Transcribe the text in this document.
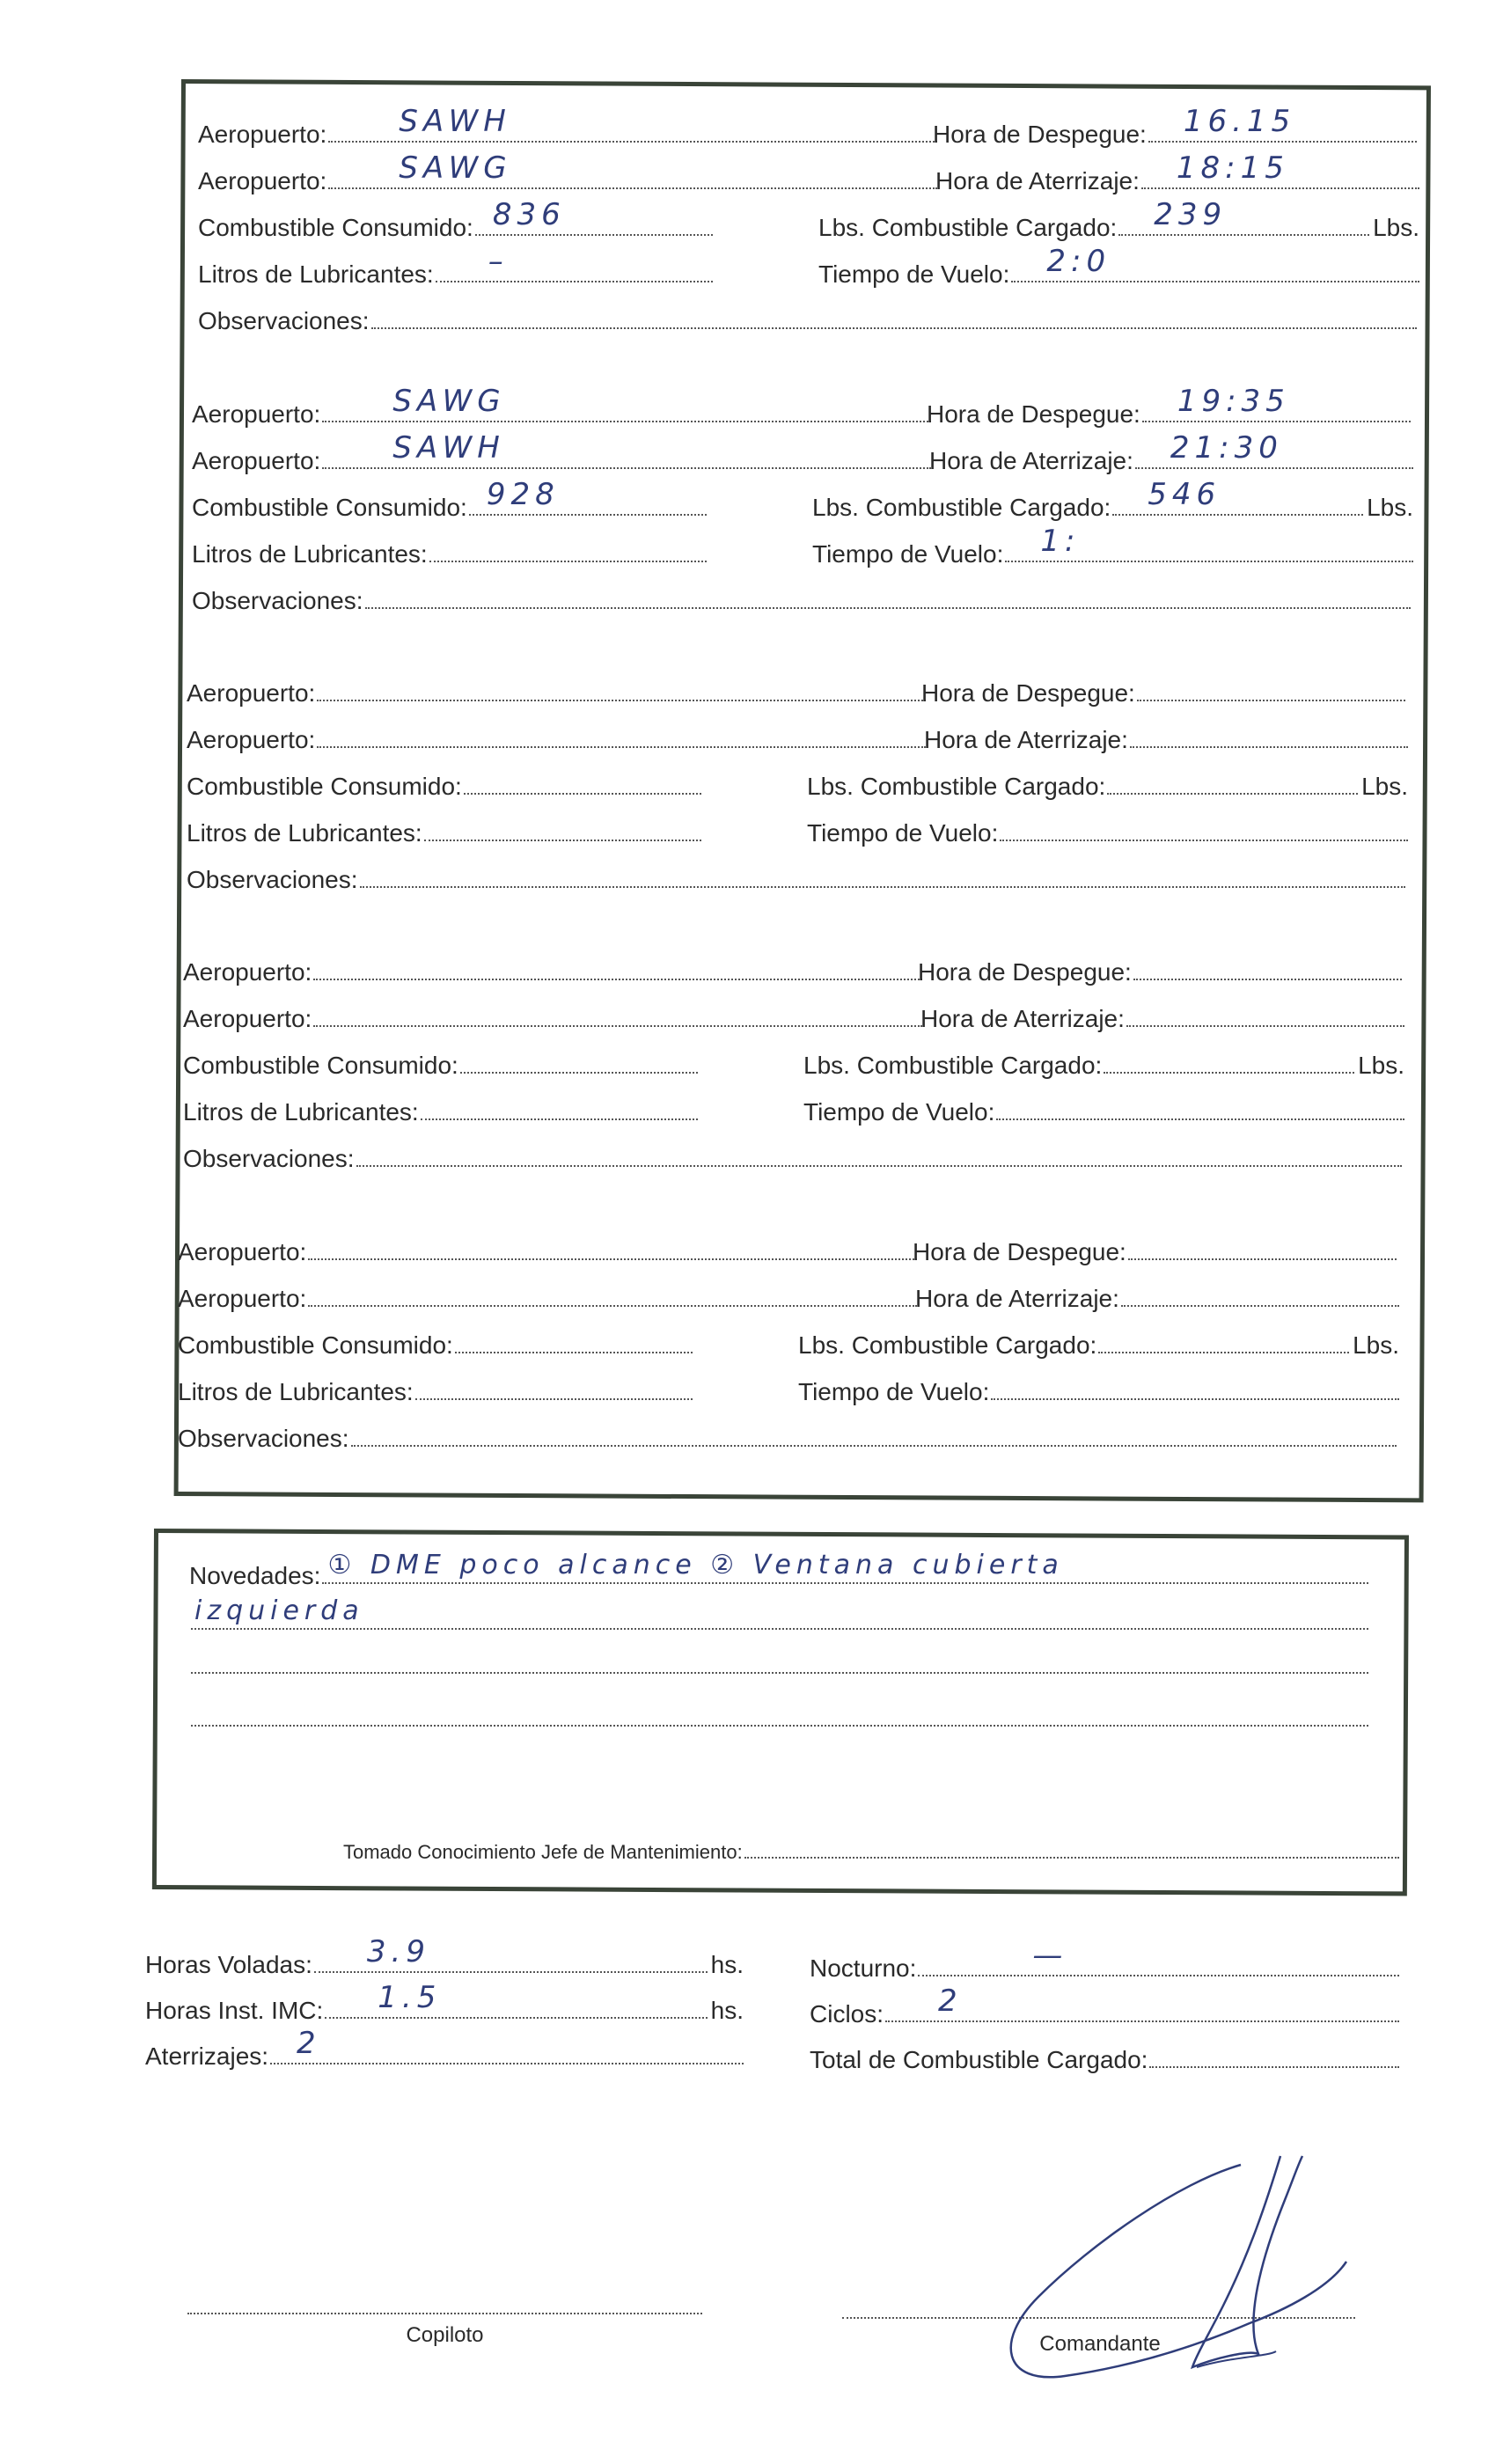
Aeropuerto: SAWH	Hora de Despegue: 16.15
Aeropuerto: SAWG	Hora de Aterrizaje: 18:15
Combustible Consumido: 836	Lbs. Combustible Cargado: 239	Lbs.
Litros de Lubricantes: –	Tiempo de Vuelo: 2:0
Observaciones:
Aeropuerto: SAWG	Hora de Despegue: 19:35
Aeropuerto: SAWH	Hora de Aterrizaje: 21:30
Combustible Consumido: 928	Lbs. Combustible Cargado: 546	Lbs.
Litros de Lubricantes:	Tiempo de Vuelo: 1:
Observaciones:
Aeropuerto:	Hora de Despegue:
Aeropuerto:	Hora de Aterrizaje:
Combustible Consumido:	Lbs. Combustible Cargado:	Lbs.
Litros de Lubricantes:	Tiempo de Vuelo:
Observaciones:
Aeropuerto:	Hora de Despegue:
Aeropuerto:	Hora de Aterrizaje:
Combustible Consumido:	Lbs. Combustible Cargado:	Lbs.
Litros de Lubricantes:	Tiempo de Vuelo:
Observaciones:
Aeropuerto:	Hora de Despegue:
Aeropuerto:	Hora de Aterrizaje:
Combustible Consumido:	Lbs. Combustible Cargado:	Lbs.
Litros de Lubricantes:	Tiempo de Vuelo:
Observaciones:
Novedades: ① DME poco alcance ② Ventana cubierta
izquierda
Tomado Conocimiento Jefe de Mantenimiento:
Horas Voladas: 3.9	hs.
Horas Inst. IMC: 1.5	hs.
Aterrizajes: 2
Nocturno:	—
Ciclos: 2
Total de Combustible Cargado:
Copiloto	Comandante
